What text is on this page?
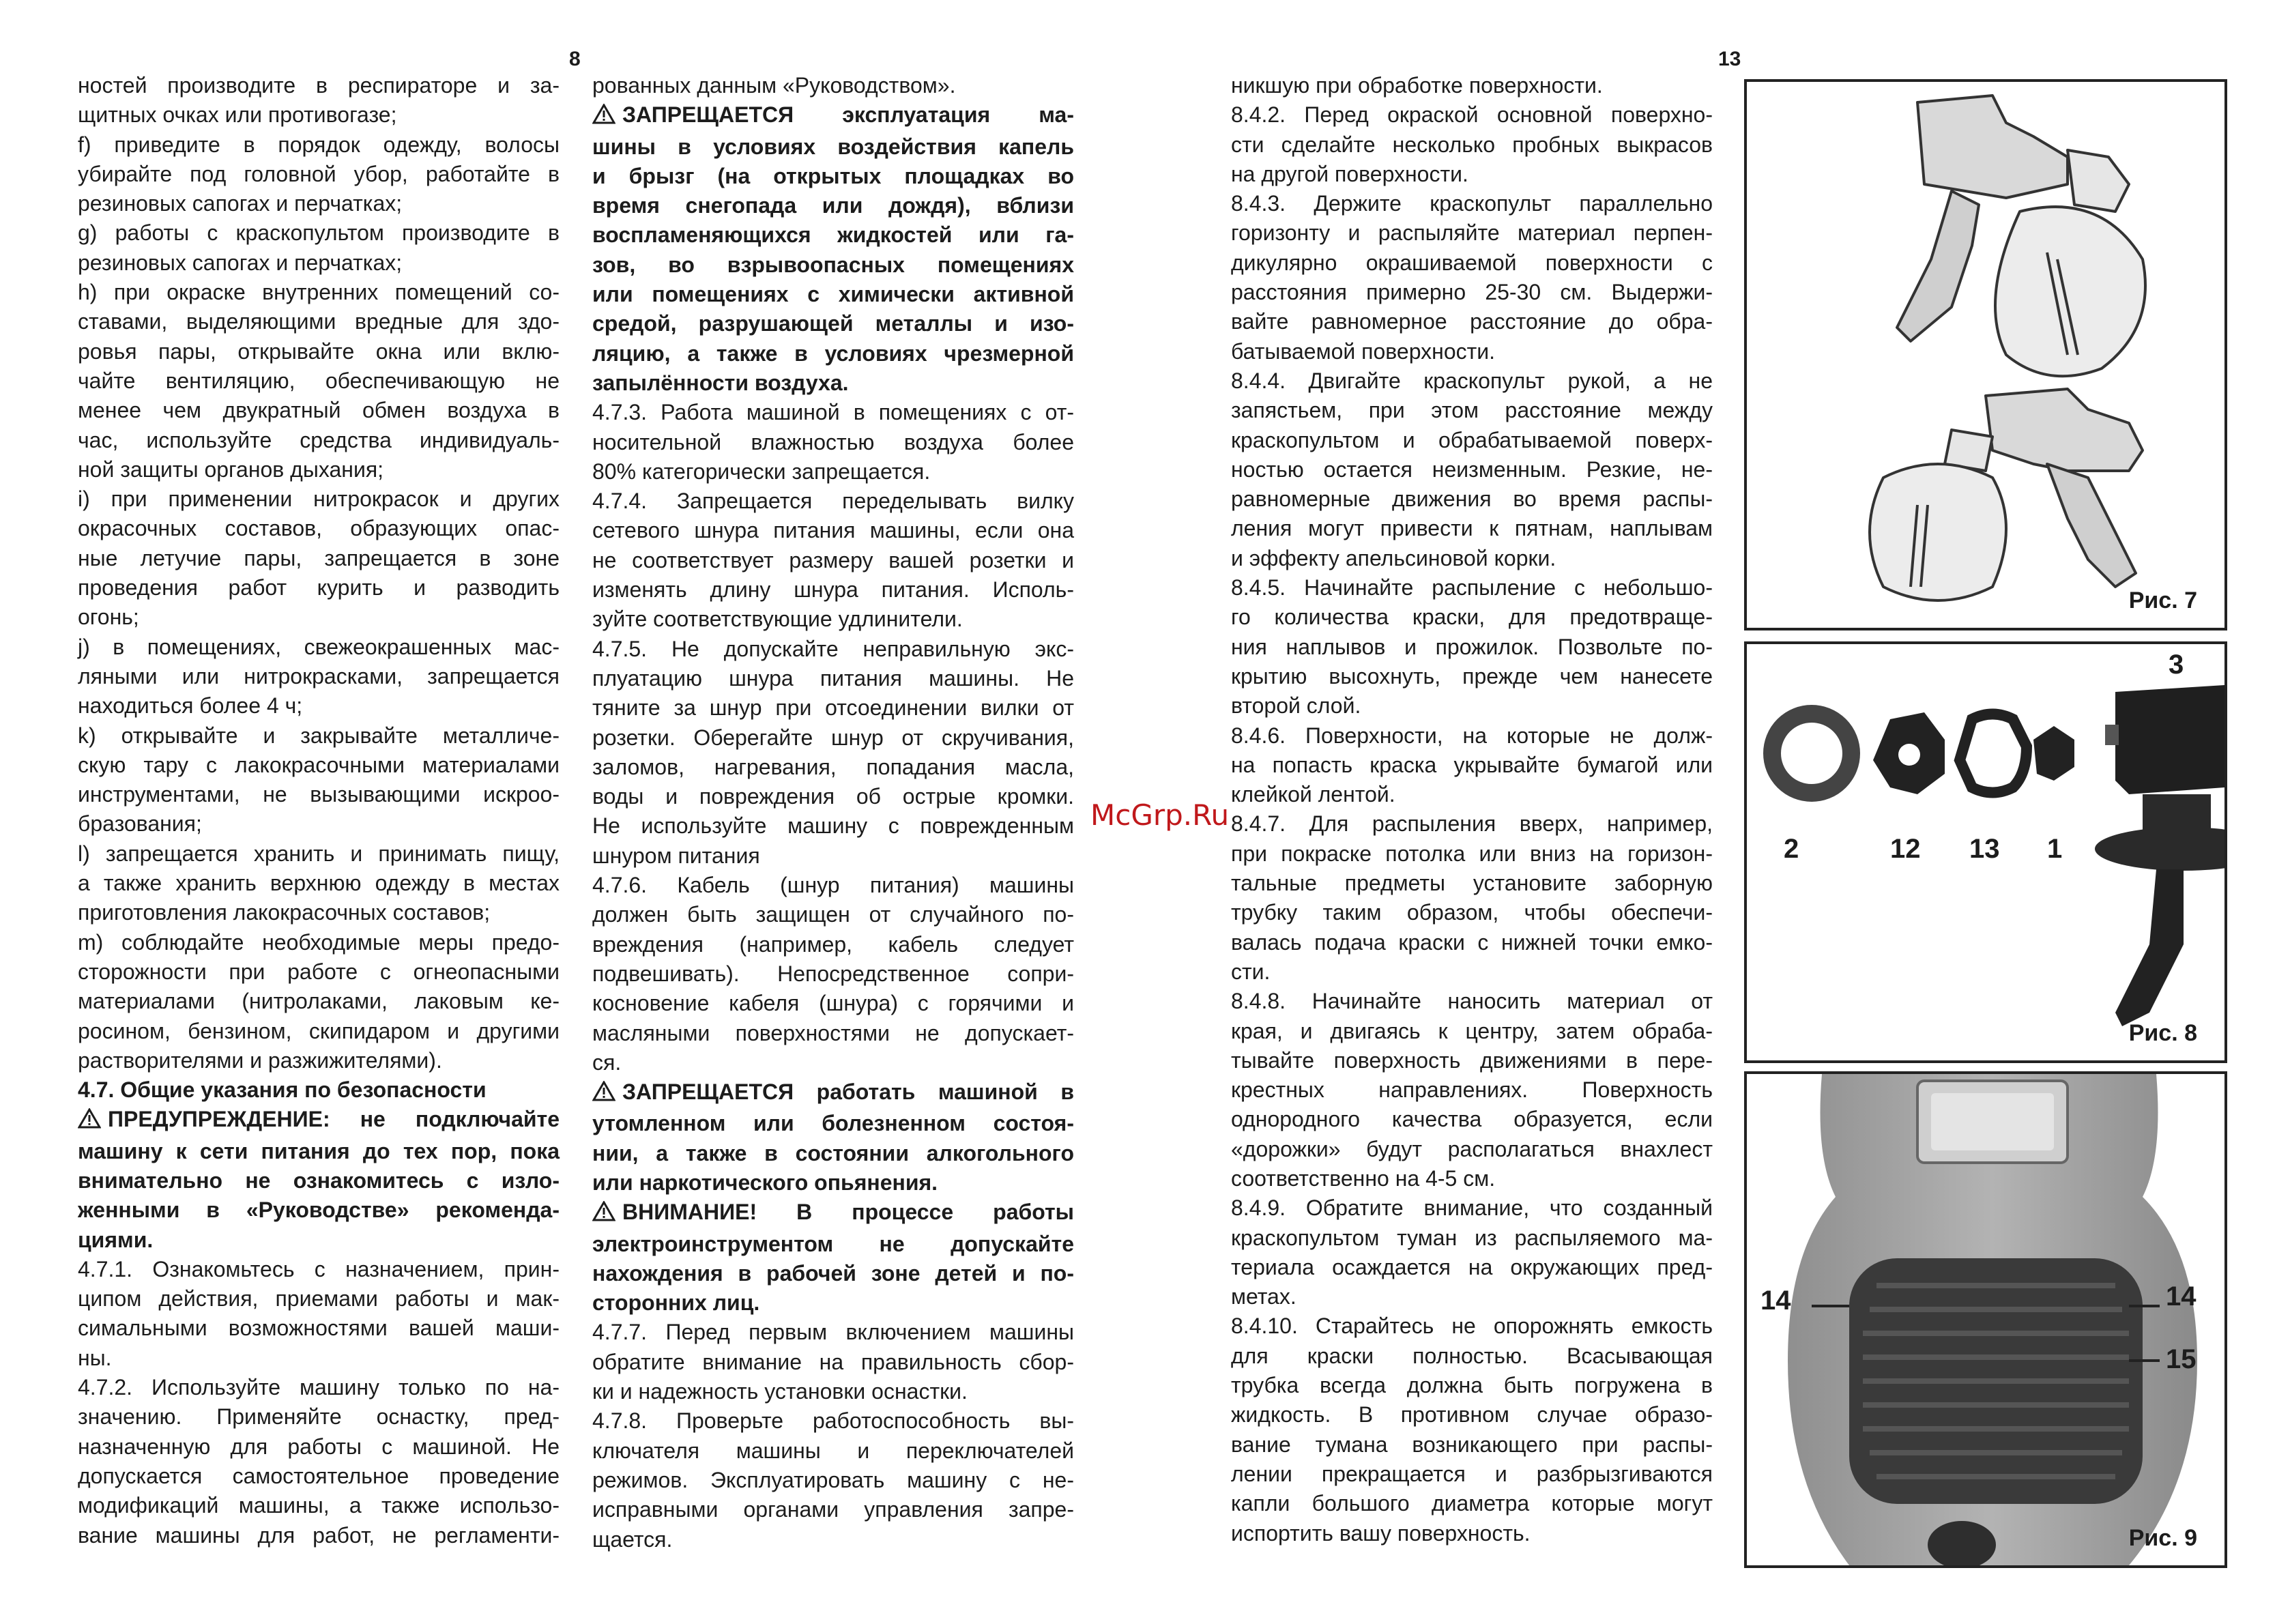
8	13

ностей производите в респираторе и за-

щитных очках или противогазе;

f) приведите в порядок одежду, волосы

убирайте под головной убор, работайте в

резиновых сапогах и перчатках;

g) работы с краскопультом производите в

резиновых сапогах и перчатках;

h) при окраске внутренних помещений со-

ставами, выделяющими вредные для здо-

ровья пары, открывайте окна или вклю-

чайте вентиляцию, обеспечивающую не

менее чем двукратный обмен воздуха в

час, используйте средства индивидуаль-

ной защиты органов дыхания;

i) при применении нитрокрасок и других

окрасочных составов, образующих опас-

ные летучие пары, запрещается в зоне

проведения работ курить и разводить

огонь;

j) в помещениях, свежеокрашенных мас-

ляными или нитрокрасками, запрещается

находиться более 4 ч;

k) открывайте и закрывайте металличе-

скую тару с лакокрасочными материалами

инструментами, не вызывающими искроо-

бразования;

l) запрещается хранить и принимать пищу,

а также хранить верхнюю одежду в местах

приготовления лакокрасочных составов;

m) соблюдайте необходимые меры предо-

сторожности при работе с огнеопасными

материалами (нитролаками, лаковым ке-

росином, бензином, скипидаром и другими

растворителями и разжижителями).

4.7. Общие указания по безопасности

ПРЕДУПРЕЖДЕНИЕ: не подключайте

машину к сети питания до тех пор, пока

внимательно не ознакомитесь с изло-

женными в «Руководстве» рекоменда-

циями.

4.7.1. Ознакомьтесь с назначением, прин-

ципом действия, приемами работы и мак-

симальными возможностями вашей маши-

ны.

4.7.2. Используйте машину только по на-

значению. Применяйте оснастку, пред-

назначенную для работы с машиной. Не

допускается самостоятельное проведение

модификаций машины, а также использо-

вание машины для работ, не регламенти-

рованных данным «Руководством».

ЗАПРЕЩАЕТСЯ эксплуатация ма-

шины в условиях воздействия капель

и брызг (на открытых площадках во

время снегопада или дождя), вблизи

воспламеняющихся жидкостей или га-

зов, во взрывоопасных помещениях

или помещениях с химически активной

средой, разрушающей металлы и изо-

ляцию, а также в условиях чрезмерной

запылённости воздуха.

4.7.3. Работа машиной в помещениях с от-

носительной влажностью воздуха более

80% категорически запрещается.

4.7.4. Запрещается переделывать вилку

сетевого шнура питания машины, если она

не соответствует размеру вашей розетки и

изменять длину шнура питания. Исполь-

зуйте соответствующие удлинители.

4.7.5. Не допускайте неправильную экс-

плуатацию шнура питания машины. Не

тяните за шнур при отсоединении вилки от

розетки. Оберегайте шнур от скручивания,

заломов, нагревания, попадания масла,

воды и повреждения об острые кромки.

Не используйте машину с поврежденным

шнуром питания

4.7.6. Кабель (шнур питания) машины

должен быть защищен от случайного по-

вреждения (например, кабель следует

подвешивать). Непосредственное сопри-

косновение кабеля (шнура) с горячими и

масляными поверхностями не допускает-

ся.

ЗАПРЕЩАЕТСЯ работать машиной в

утомленном или болезненном состоя-

нии, а также в состоянии алкогольного

или наркотического опьянения.

ВНИМАНИЕ! В процессе работы

электроинструментом не допускайте

нахождения в рабочей зоне детей и по-

сторонних лиц.

4.7.7. Перед первым включением машины

обратите внимание на правильность сбор-

ки и надежность установки оснастки.

4.7.8. Проверьте работоспособность вы-

ключателя машины и переключателей

режимов. Эксплуатировать машину с не-

исправными органами управления запре-

щается.

McGrp.Ru

никшую при обработке поверхности.

8.4.2. Перед окраской основной поверхно-

сти сделайте несколько пробных выкрасов

на другой поверхности.

8.4.3. Держите краскопульт параллельно

горизонту и распыляйте материал перпен-

дикулярно окрашиваемой поверхности с

расстояния примерно 25-30 см. Выдержи-

вайте равномерное расстояние до обра-

батываемой поверхности.

8.4.4. Двигайте краскопульт рукой, а не

запястьем, при этом расстояние между

краскопультом и обрабатываемой поверх-

ностью остается неизменным. Резкие, не-

равномерные движения во время распы-

ления могут привести к пятнам, наплывам

и эффекту апельсиновой корки.

8.4.5. Начинайте распыление с небольшо-

го количества краски, для предотвраще-

ния наплывов и прожилок. Позвольте по-

крытию высохнуть, прежде чем нанесете

второй слой.

8.4.6. Поверхности, на которые не долж-

на попасть краска укрывайте бумагой или

клейкой лентой.

8.4.7. Для распыления вверх, например,

при покраске потолка или вниз на горизон-

тальные предметы установите заборную

трубку таким образом, чтобы обеспечи-

валась подача краски с нижней точки емко-

сти.

8.4.8. Начинайте наносить материал от

края, и двигаясь к центру, затем обраба-

тывайте поверхность движениями в пере-

крестных направлениях. Поверхность

однородного качества образуется, если

«дорожки» будут располагаться внахлест

соответственно на 4-5 см.

8.4.9. Обратите внимание, что созданный

краскопультом туман из распыляемого ма-

териала осаждается на окружающих пред-

метах.

8.4.10. Старайтесь не опорожнять емкость

для краски полностью. Всасывающая

трубка всегда должна быть погружена в

жидкость. В противном случае образо-

вание тумана возникающего при распы-

лении прекращается и разбрызгиваются

капли большого диаметра которые могут

испортить вашу поверхность.

Рис. 7
2	12 13 1
3
Рис. 8
14	14
15
Рис. 9
